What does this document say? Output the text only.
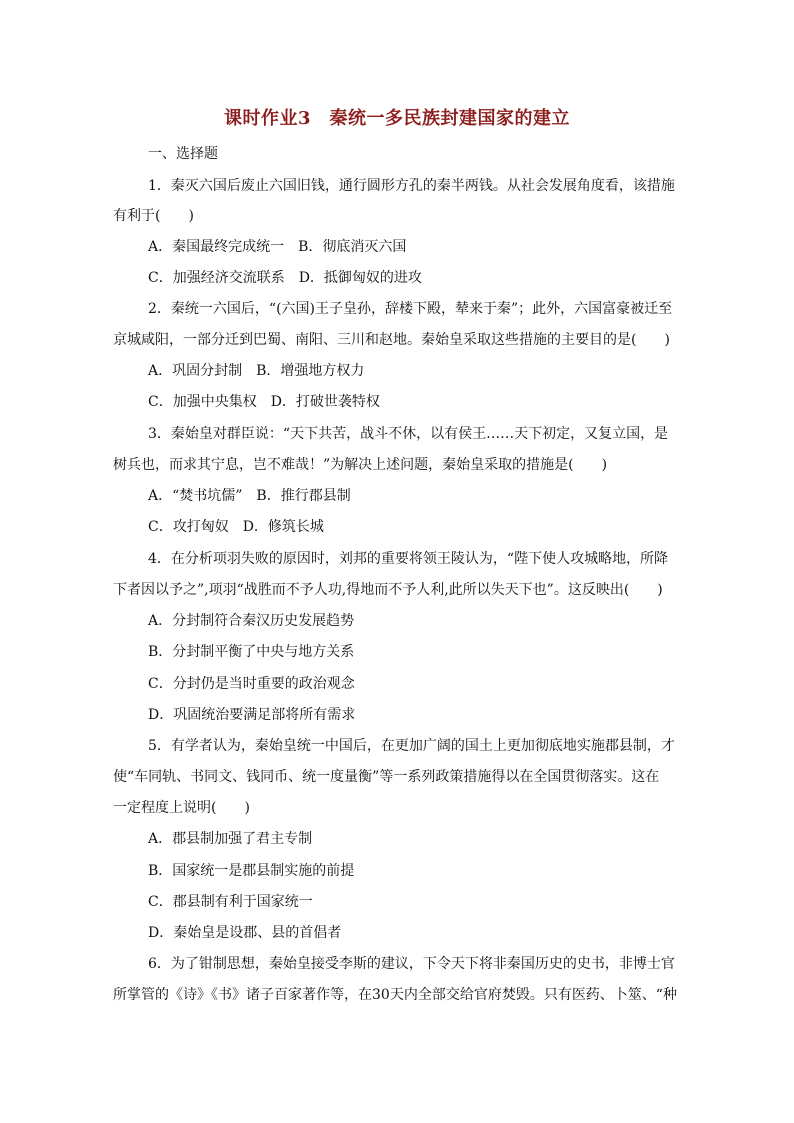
课时作业3　秦统一多民族封建国家的建立
一、选择题
1．秦灭六国后废止六国旧钱，通行圆形方孔的秦半两钱。从社会发展角度看，该措施
有利于(　　)
A．秦国最终完成统一　B．彻底消灭六国
C．加强经济交流联系　D．抵御匈奴的进攻
2．秦统一六国后，“(六国)王子皇孙，辞楼下殿，辇来于秦”；此外，六国富豪被迁至
京城咸阳，一部分迁到巴蜀、南阳、三川和赵地。秦始皇采取这些措施的主要目的是(　　)
A．巩固分封制　B．增强地方权力
C．加强中央集权　D．打破世袭特权
3．秦始皇对群臣说：“天下共苦，战斗不休，以有侯王……天下初定，又复立国，是
树兵也，而求其宁息，岂不难哉！”为解决上述问题，秦始皇采取的措施是(　　)
A．“焚书坑儒”　B．推行郡县制
C．攻打匈奴　D．修筑长城
4．在分析项羽失败的原因时，刘邦的重要将领王陵认为，“陛下使人攻城略地，所降
下者因以予之”,项羽“战胜而不予人功,得地而不予人利,此所以失天下也”。这反映出(　　)
A．分封制符合秦汉历史发展趋势
B．分封制平衡了中央与地方关系
C．分封仍是当时重要的政治观念
D．巩固统治要满足部将所有需求
5．有学者认为，秦始皇统一中国后，在更加广阔的国土上更加彻底地实施郡县制，才
使“车同轨、书同文、钱同币、统一度量衡”等一系列政策措施得以在全国贯彻落实。这在
一定程度上说明(　　)
A．郡县制加强了君主专制
B．国家统一是郡县制实施的前提
C．郡县制有利于国家统一
D．秦始皇是设郡、县的首倡者
6．为了钳制思想，秦始皇接受李斯的建议，下令天下将非秦国历史的史书，非博士官
所掌管的《诗》《书》诸子百家著作等，在30天内全部交给官府焚毁。只有医药、卜筮、“种
